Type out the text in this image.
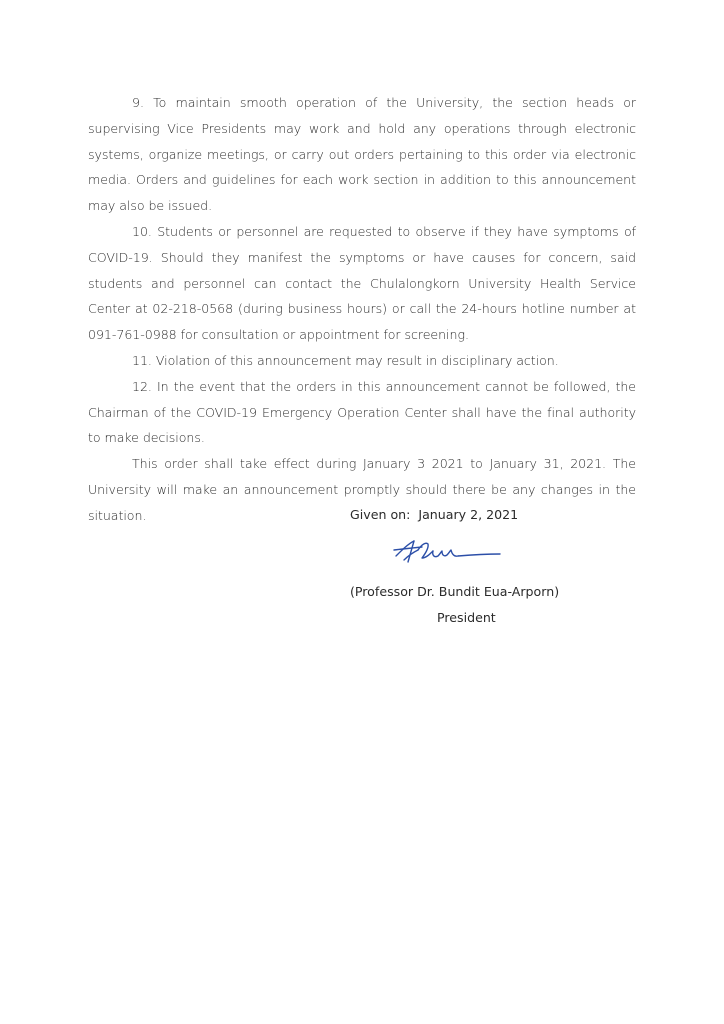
9. To maintain smooth operation of the University, the section heads or supervising Vice Presidents may work and hold any operations through electronic systems, organize meetings, or carry out orders pertaining to this order via electronic media. Orders and guidelines for each work section in addition to this announcement may also be issued.

10. Students or personnel are requested to observe if they have symptoms of COVID-19. Should they manifest the symptoms or have causes for concern, said students and personnel can contact the Chulalongkorn University Health Service Center at 02-218-0568 (during business hours) or call the 24-hours hotline number at 091-761-0988 for consultation or appointment for screening.

11. Violation of this announcement may result in disciplinary action.

12. In the event that the orders in this announcement cannot be followed, the Chairman of the COVID-19 Emergency Operation Center shall have the final authority to make decisions.

This order shall take effect during January 3 2021 to January 31, 2021. The University will make an announcement promptly should there be any changes in the situation.	Given on:  January 2, 2021
(Professor Dr. Bundit Eua-Arporn)
President
